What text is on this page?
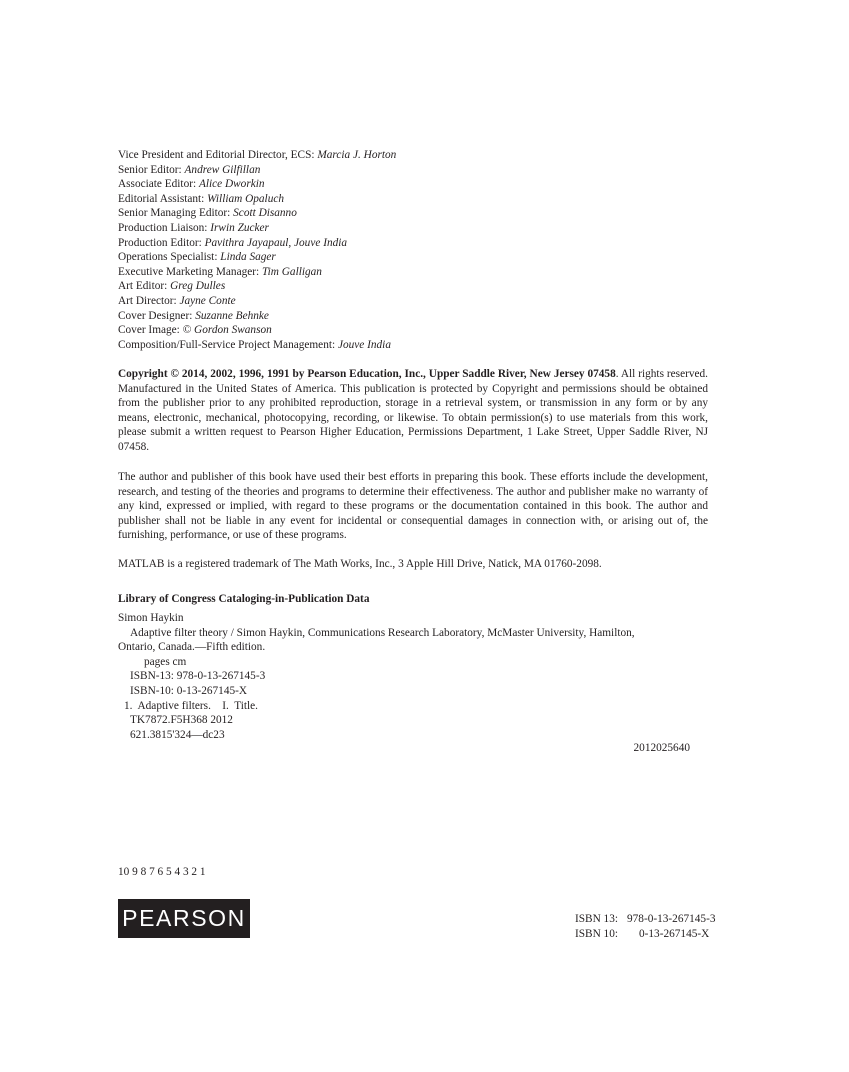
Vice President and Editorial Director, ECS: Marcia J. Horton
Senior Editor: Andrew Gilfillan
Associate Editor: Alice Dworkin
Editorial Assistant: William Opaluch
Senior Managing Editor: Scott Disanno
Production Liaison: Irwin Zucker
Production Editor: Pavithra Jayapaul, Jouve India
Operations Specialist: Linda Sager
Executive Marketing Manager: Tim Galligan
Art Editor: Greg Dulles
Art Director: Jayne Conte
Cover Designer: Suzanne Behnke
Cover Image: © Gordon Swanson
Composition/Full-Service Project Management: Jouve India
Copyright © 2014, 2002, 1996, 1991 by Pearson Education, Inc., Upper Saddle River, New Jersey 07458. All rights reserved. Manufactured in the United States of America. This publication is protected by Copyright and permissions should be obtained from the publisher prior to any prohibited reproduction, storage in a retrieval system, or transmission in any form or by any means, electronic, mechanical, photocopying, recording, or likewise. To obtain permission(s) to use materials from this work, please submit a written request to Pearson Higher Education, Permissions Department, 1 Lake Street, Upper Saddle River, NJ 07458.
The author and publisher of this book have used their best efforts in preparing this book. These efforts include the development, research, and testing of the theories and programs to determine their effectiveness. The author and publisher make no warranty of any kind, expressed or implied, with regard to these programs or the documentation contained in this book. The author and publisher shall not be liable in any event for incidental or consequential damages in connection with, or arising out of, the furnishing, performance, or use of these programs.
MATLAB is a registered trademark of The Math Works, Inc., 3 Apple Hill Drive, Natick, MA 01760-2098.
Library of Congress Cataloging-in-Publication Data
Simon Haykin
Adaptive filter theory / Simon Haykin, Communications Research Laboratory, McMaster University, Hamilton,
Ontario, Canada.—Fifth edition.
pages cm
ISBN-13: 978-0-13-267145-3
ISBN-10: 0-13-267145-X
1.  Adaptive filters.    I.  Title.
TK7872.F5H368 2012
621.3815'324—dc23
2012025640
10 9 8 7 6 5 4 3 2 1
PEARSON	ISBN 13: 978-0-13-267145-3
ISBN 10:	0-13-267145-X
